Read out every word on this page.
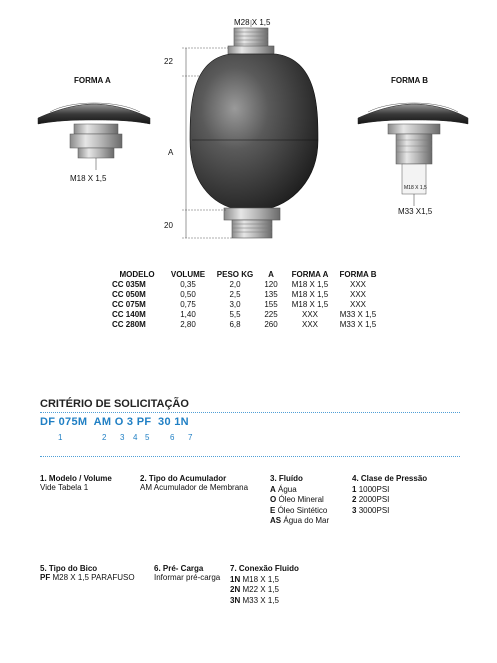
M28 X 1,5
22
A
20
FORMA A
M18 X 1,5
FORMA B
M18 X 1,5
M33 X1,5
MODELO	VOLUME	PESO KG	A	FORMA A	FORMA B
CC 035M	0,35	2,0	120	M18 X 1,5	XXX
CC 050M	0,50	2,5	135	M18 X 1,5	XXX
CC 075M	0,75	3,0	155	M18 X 1,5	XXX
CC 140M	1,40	5,5	225	XXX	M33 X 1,5
CC 280M	2,80	6,8	260	XXX	M33 X 1,5
CRITÉRIO DE SOLICITAÇÃO
DF 075M  AM O 3 PF  30 1N
1	2 3 4 5	6 7
1. Modelo / Volume
Vide Tabela 1
2. Tipo do Acumulador
AM Acumulador de Membrana
3. Fluído
A Água
O Óleo Mineral
E Óleo Sintético
AS Água do Mar
4. Clase de Pressão
1 1000PSI
2 2000PSI
3 3000PSI
5. Tipo do Bico
PF M28 X 1,5 PARAFUSO
6. Pré- Carga
Informar pré-carga
7. Conexão Fluido
1N M18 X 1,5
2N M22 X 1,5
3N M33 X 1,5
